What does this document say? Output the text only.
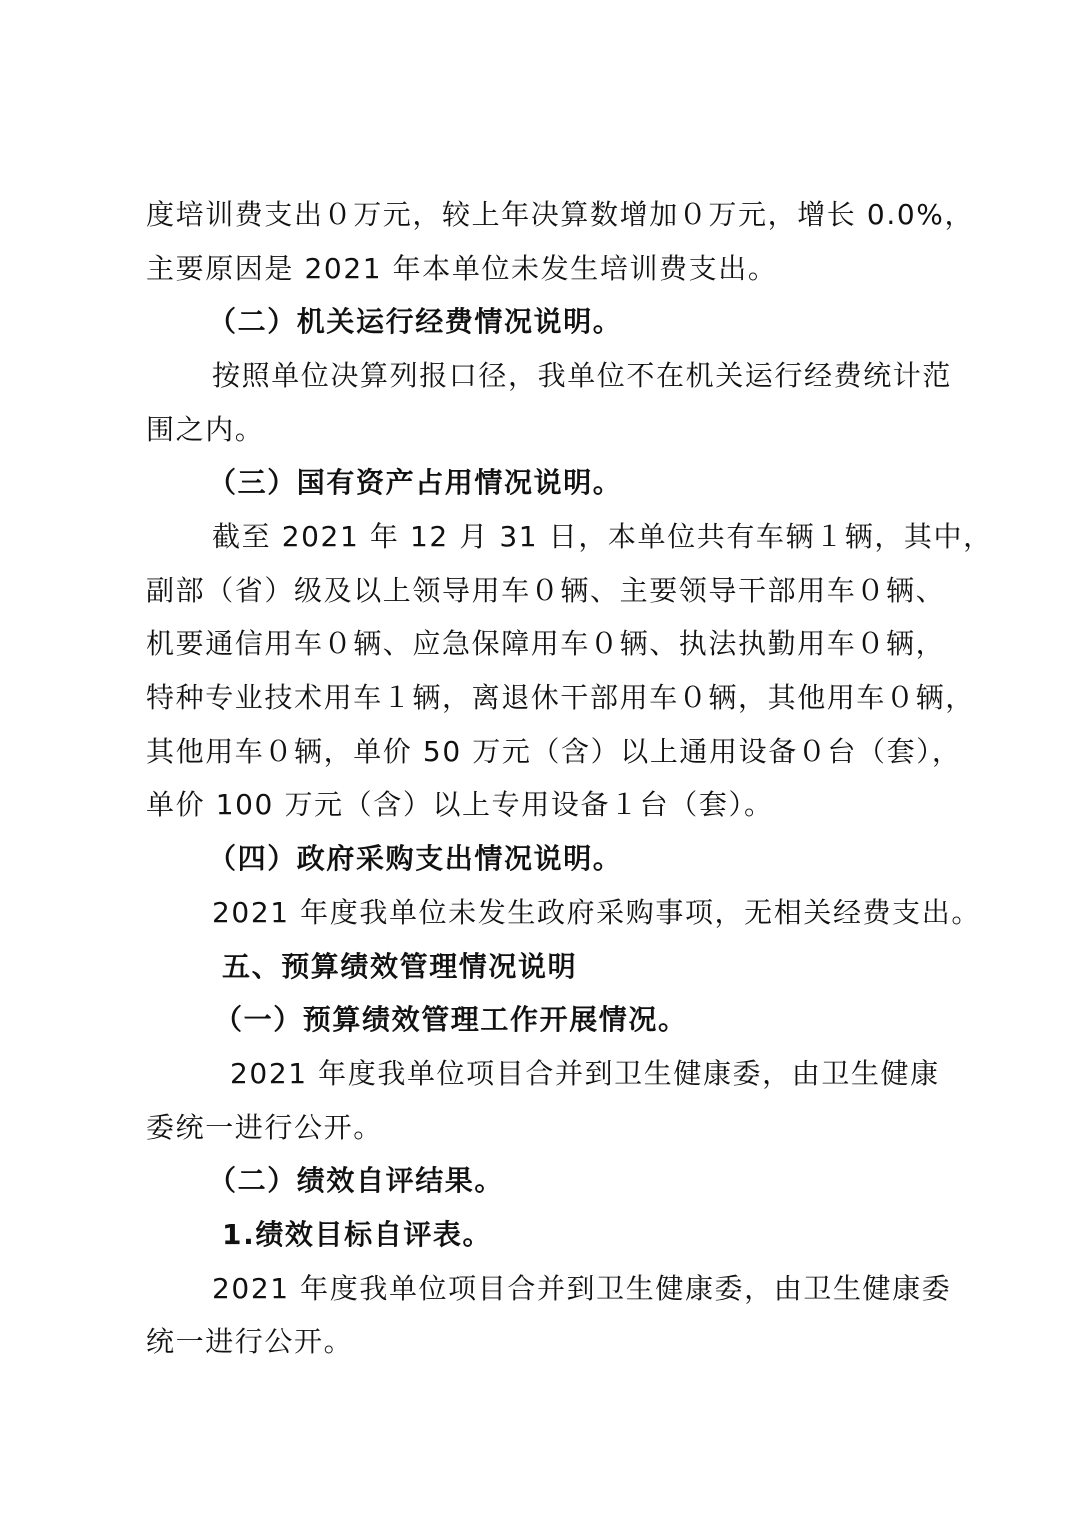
度培训费支出０万元，较上年决算数增加０万元，增长 0.0%，
主要原因是 2021 年本单位未发生培训费支出。
（二）机关运行经费情况说明。
按照单位决算列报口径，我单位不在机关运行经费统计范
围之内。
（三）国有资产占用情况说明。
截至 2021 年 12 月 31 日，本单位共有车辆１辆，其中，
副部（省）级及以上领导用车０辆、主要领导干部用车０辆、
机要通信用车０辆、应急保障用车０辆、执法执勤用车０辆，
特种专业技术用车１辆，离退休干部用车０辆，其他用车０辆，
其他用车０辆，单价 50 万元（含）以上通用设备０台（套），
单价 100 万元（含）以上专用设备１台（套）。
（四）政府采购支出情况说明。
2021 年度我单位未发生政府采购事项，无相关经费支出。
五、预算绩效管理情况说明
（一）预算绩效管理工作开展情况。
2021 年度我单位项目合并到卫生健康委，由卫生健康
委统一进行公开。
（二）绩效自评结果。
1.绩效目标自评表。
2021 年度我单位项目合并到卫生健康委，由卫生健康委
统一进行公开。
